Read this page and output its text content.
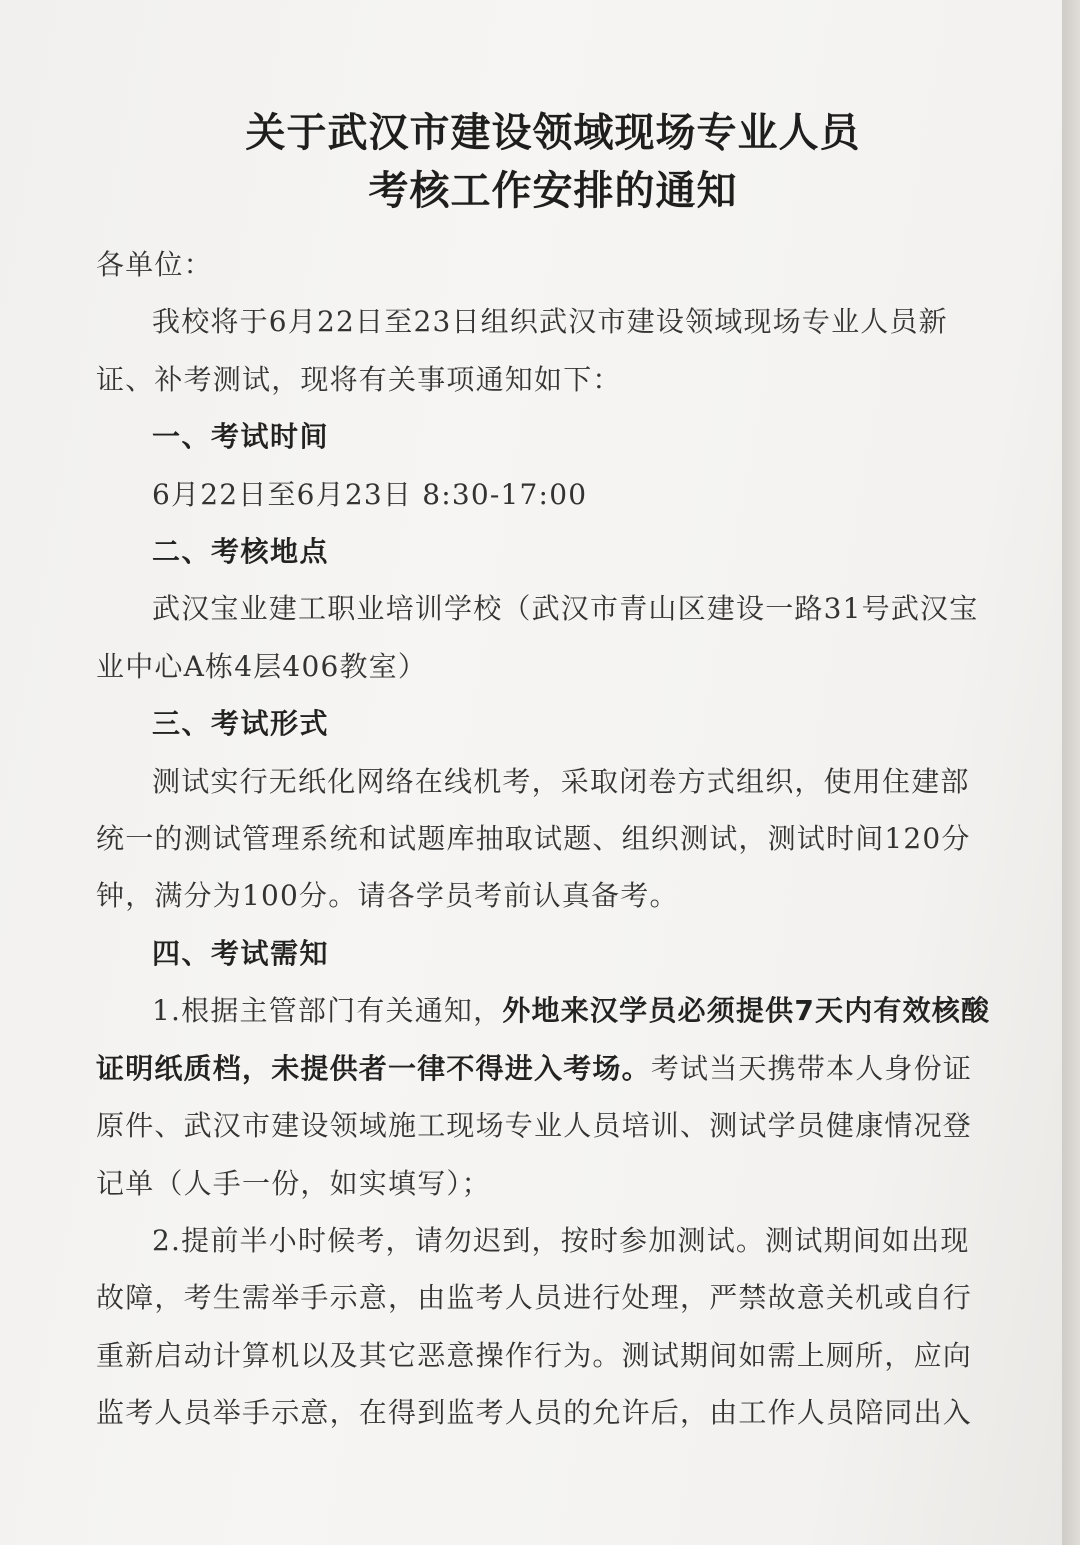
关于武汉市建设领域现场专业人员
考核工作安排的通知

各单位：

我校将于6月22日至23日组织武汉市建设领域现场专业人员新证、补考测试，现将有关事项通知如下：

一、考试时间

6月22日至6月23日 8:30-17:00

二、考核地点

武汉宝业建工职业培训学校（武汉市青山区建设一路31号武汉宝业中心A栋4层406教室）

三、考试形式

测试实行无纸化网络在线机考，采取闭卷方式组织，使用住建部统一的测试管理系统和试题库抽取试题、组织测试，测试时间120分钟，满分为100分。请各学员考前认真备考。

四、考试需知

1.根据主管部门有关通知，外地来汉学员必须提供7天内有效核酸证明纸质档，未提供者一律不得进入考场。考试当天携带本人身份证原件、武汉市建设领域施工现场专业人员培训、测试学员健康情况登记单（人手一份，如实填写）；

2.提前半小时候考，请勿迟到，按时参加测试。测试期间如出现故障，考生需举手示意，由监考人员进行处理，严禁故意关机或自行重新启动计算机以及其它恶意操作行为。测试期间如需上厕所，应向监考人员举手示意，在得到监考人员的允许后，由工作人员陪同出入
